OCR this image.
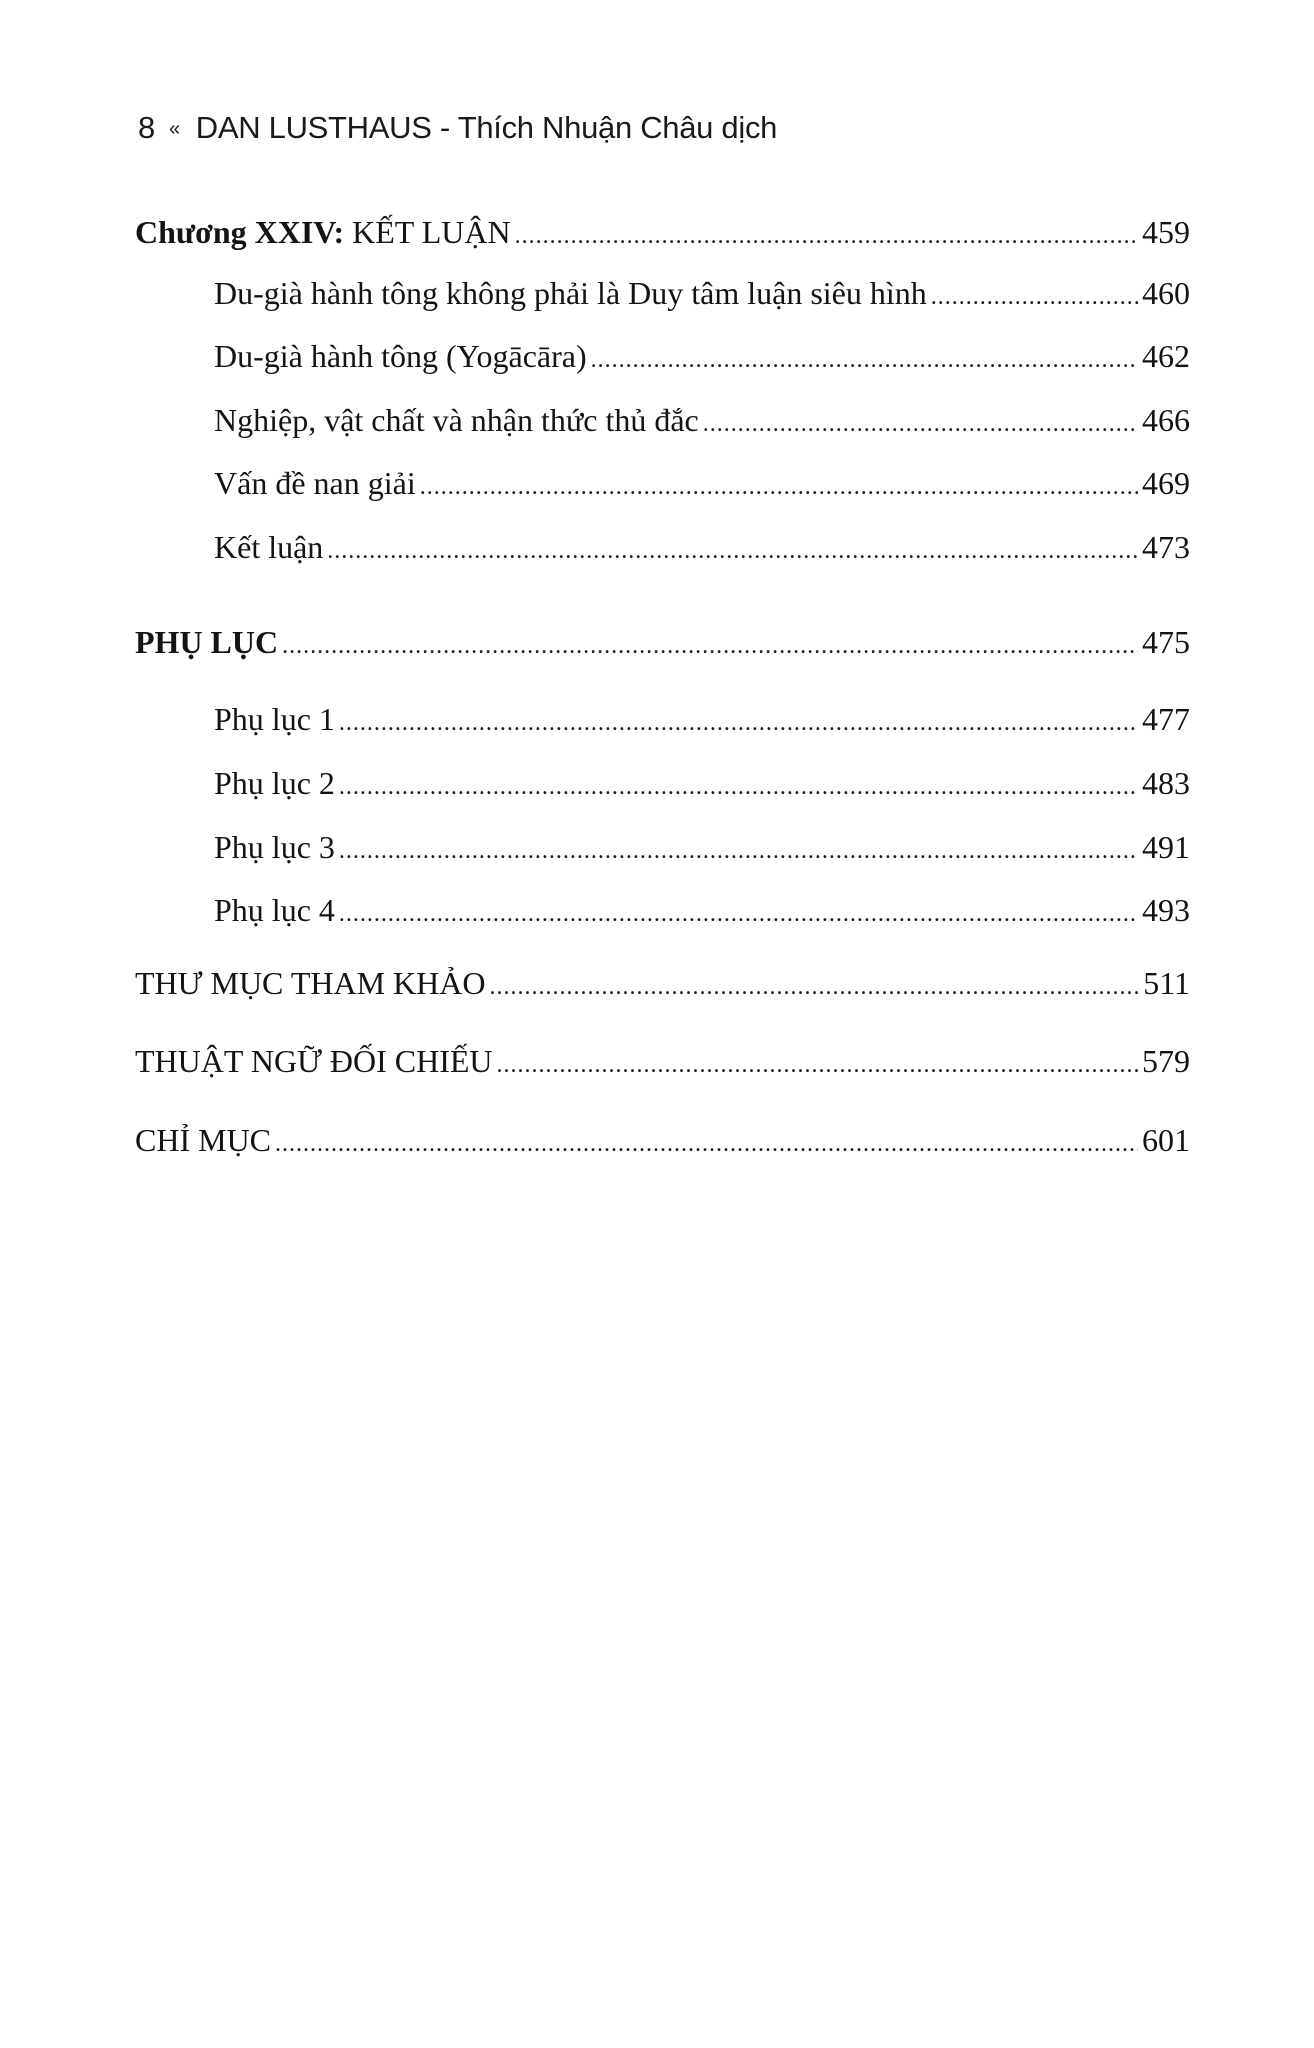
8 « DAN LUSTHAUS - Thích Nhuận Châu dịch
Chương XXIV: KẾT LUẬN .....	459
Du-già hành tông không phải là Duy tâm luận siêu hình .....	460
Du-già hành tông (Yogācāra) .....	462
Nghiệp, vật chất và nhận thức thủ đắc .....	466
Vấn đề nan giải .....	469
Kết luận .....	473
PHỤ LỤC .....	475
Phụ lục 1 .....	477
Phụ lục 2 .....	483
Phụ lục 3 .....	491
Phụ lục 4 .....	493
THƯ MỤC THAM KHẢO .....	511
THUẬT NGỮ ĐỐI CHIẾU .....	579
CHỈ MỤC .....	601
